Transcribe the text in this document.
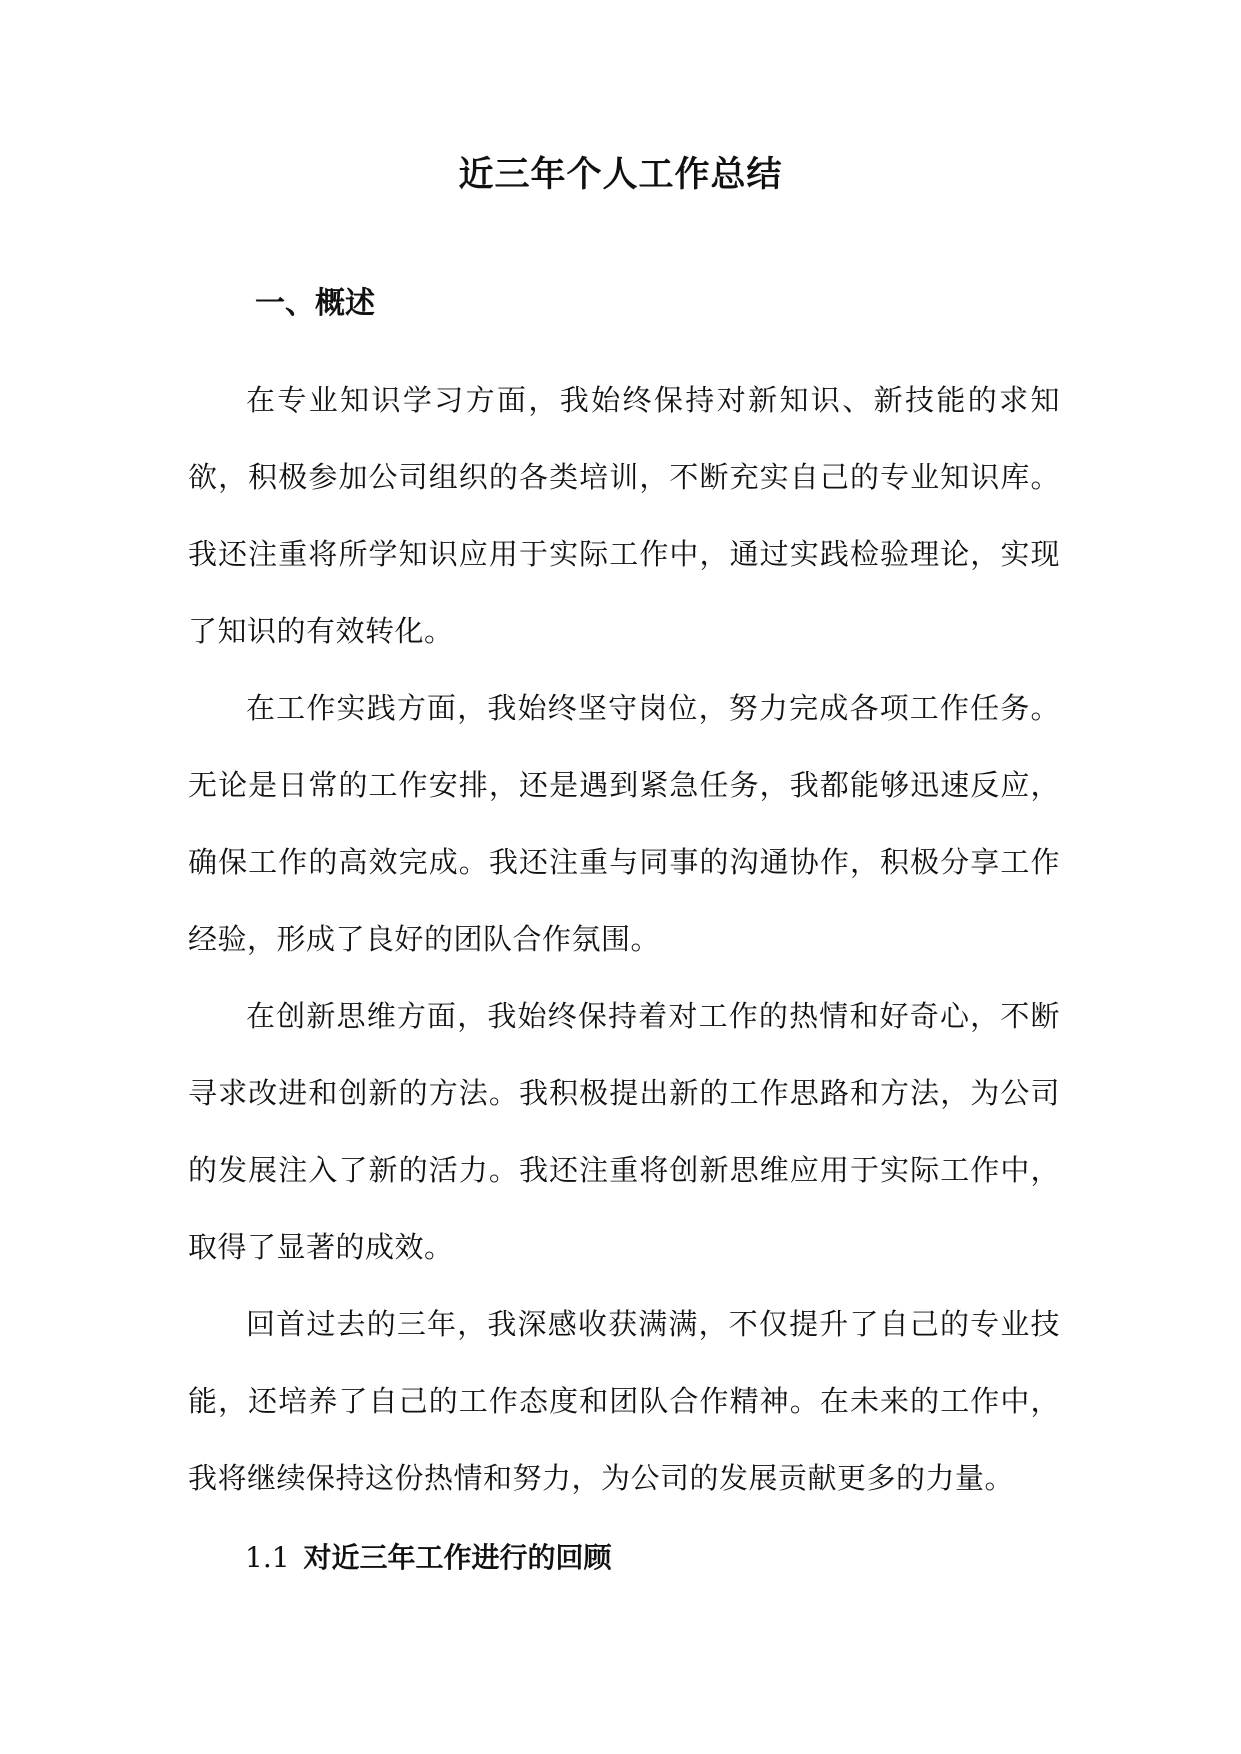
近三年个人工作总结
一、概述

在专业知识学习方面，我始终保持对新知识、新技能的求知欲，积极参加公司组织的各类培训，不断充实自己的专业知识库。我还注重将所学知识应用于实际工作中，通过实践检验理论，实现了知识的有效转化。

在工作实践方面，我始终坚守岗位，努力完成各项工作任务。无论是日常的工作安排，还是遇到紧急任务，我都能够迅速反应，确保工作的高效完成。我还注重与同事的沟通协作，积极分享工作经验，形成了良好的团队合作氛围。

在创新思维方面，我始终保持着对工作的热情和好奇心，不断寻求改进和创新的方法。我积极提出新的工作思路和方法，为公司的发展注入了新的活力。我还注重将创新思维应用于实际工作中，取得了显著的成效。

回首过去的三年，我深感收获满满，不仅提升了自己的专业技能，还培养了自己的工作态度和团队合作精神。在未来的工作中，我将继续保持这份热情和努力，为公司的发展贡献更多的力量。

1.1 对近三年工作进行的回顾
